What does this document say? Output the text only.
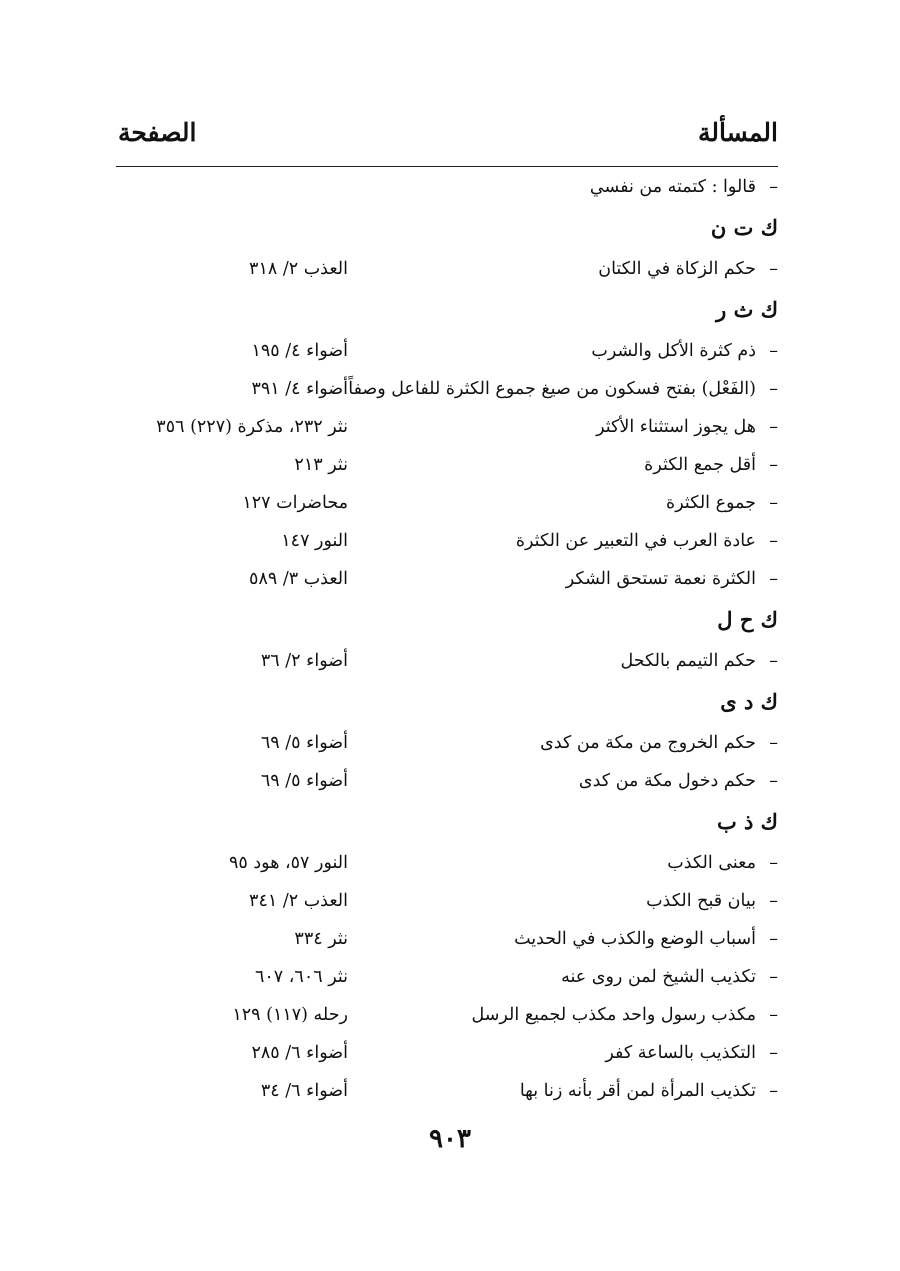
المسألة
الصفحة
–
قالوا : كتمته من نفسي
ك ت ن
–
حكم الزكاة في الكتان
العذب ٢/ ٣١٨
ك ث ر
–
ذم كثرة الأكل والشرب
أضواء ٤/ ١٩٥
–
(الفَعْل) بفتح فسكون من صيغ جموع الكثرة للفاعل وصفاً
أضواء ٤/ ٣٩١
–
هل يجوز استثناء الأكثر
نثر ٢٣٢، مذكرة (٢٢٧) ٣٥٦
–
أقل جمع الكثرة
نثر ٢١٣
–
جموع الكثرة
محاضرات ١٢٧
–
عادة العرب في التعبير عن الكثرة
النور ١٤٧
–
الكثرة نعمة تستحق الشكر
العذب ٣/ ٥٨٩
ك ح ل
–
حكم التيمم بالكحل
أضواء ٢/ ٣٦
ك د ى
–
حكم الخروج من مكة من كدى
أضواء ٥/ ٦٩
–
حكم دخول مكة من كدى
أضواء ٥/ ٦٩
ك ذ ب
–
معنى الكذب
النور ٥٧، هود ٩٥
–
بيان قبح الكذب
العذب ٢/ ٣٤١
–
أسباب الوضع والكذب في الحديث
نثر ٣٣٤
–
تكذيب الشيخ لمن روى عنه
نثر ٦٠٦، ٦٠٧
–
مكذب رسول واحد مكذب لجميع الرسل
رحله (١١٧) ١٢٩
–
التكذيب بالساعة كفر
أضواء ٦/ ٢٨٥
–
تكذيب المرأة لمن أقر بأنه زنا بها
أضواء ٦/ ٣٤
٩٠٣
